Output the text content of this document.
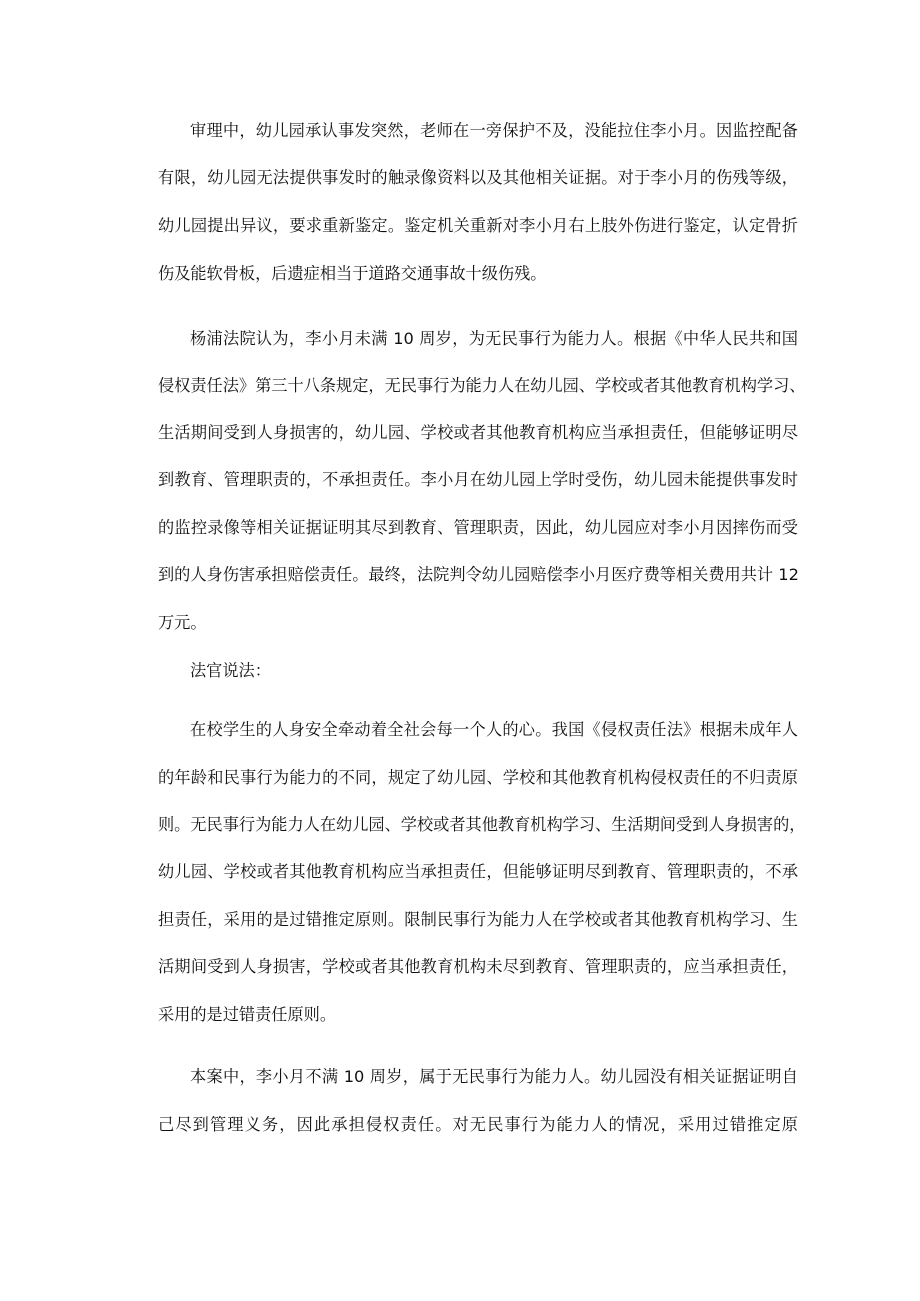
审理中，幼儿园承认事发突然，老师在一旁保护不及，没能拉住李小月。因监控配备
有限，幼儿园无法提供事发时的触录像资料以及其他相关证据。对于李小月的伤残等级，
幼儿园提出异议，要求重新鉴定。鉴定机关重新对李小月右上肢外伤进行鉴定，认定骨折
伤及能软骨板，后遗症相当于道路交通事故十级伤残。
杨浦法院认为，李小月未满 10 周岁，为无民事行为能力人。根据《中华人民共和国
侵权责任法》第三十八条规定，无民事行为能力人在幼儿园、学校或者其他教育机构学习、
生活期间受到人身损害的，幼儿园、学校或者其他教育机构应当承担责任，但能够证明尽
到教育、管理职责的，不承担责任。李小月在幼儿园上学时受伤，幼儿园未能提供事发时
的监控录像等相关证据证明其尽到教育、管理职责，因此，幼儿园应对李小月因摔伤而受
到的人身伤害承担赔偿责任。最终，法院判令幼儿园赔偿李小月医疗费等相关费用共计 12
万元。
法官说法：
在校学生的人身安全牵动着全社会每一个人的心。我国《侵权责任法》根据未成年人
的年龄和民事行为能力的不同，规定了幼儿园、学校和其他教育机构侵权责任的不归责原
则。无民事行为能力人在幼儿园、学校或者其他教育机构学习、生活期间受到人身损害的，
幼儿园、学校或者其他教育机构应当承担责任，但能够证明尽到教育、管理职责的，不承
担责任，采用的是过错推定原则。限制民事行为能力人在学校或者其他教育机构学习、生
活期间受到人身损害，学校或者其他教育机构未尽到教育、管理职责的，应当承担责任，
采用的是过错责任原则。
本案中，李小月不满 10 周岁，属于无民事行为能力人。幼儿园没有相关证据证明自
己尽到管理义务，因此承担侵权责任。对无民事行为能力人的情况，采用过错推定原
